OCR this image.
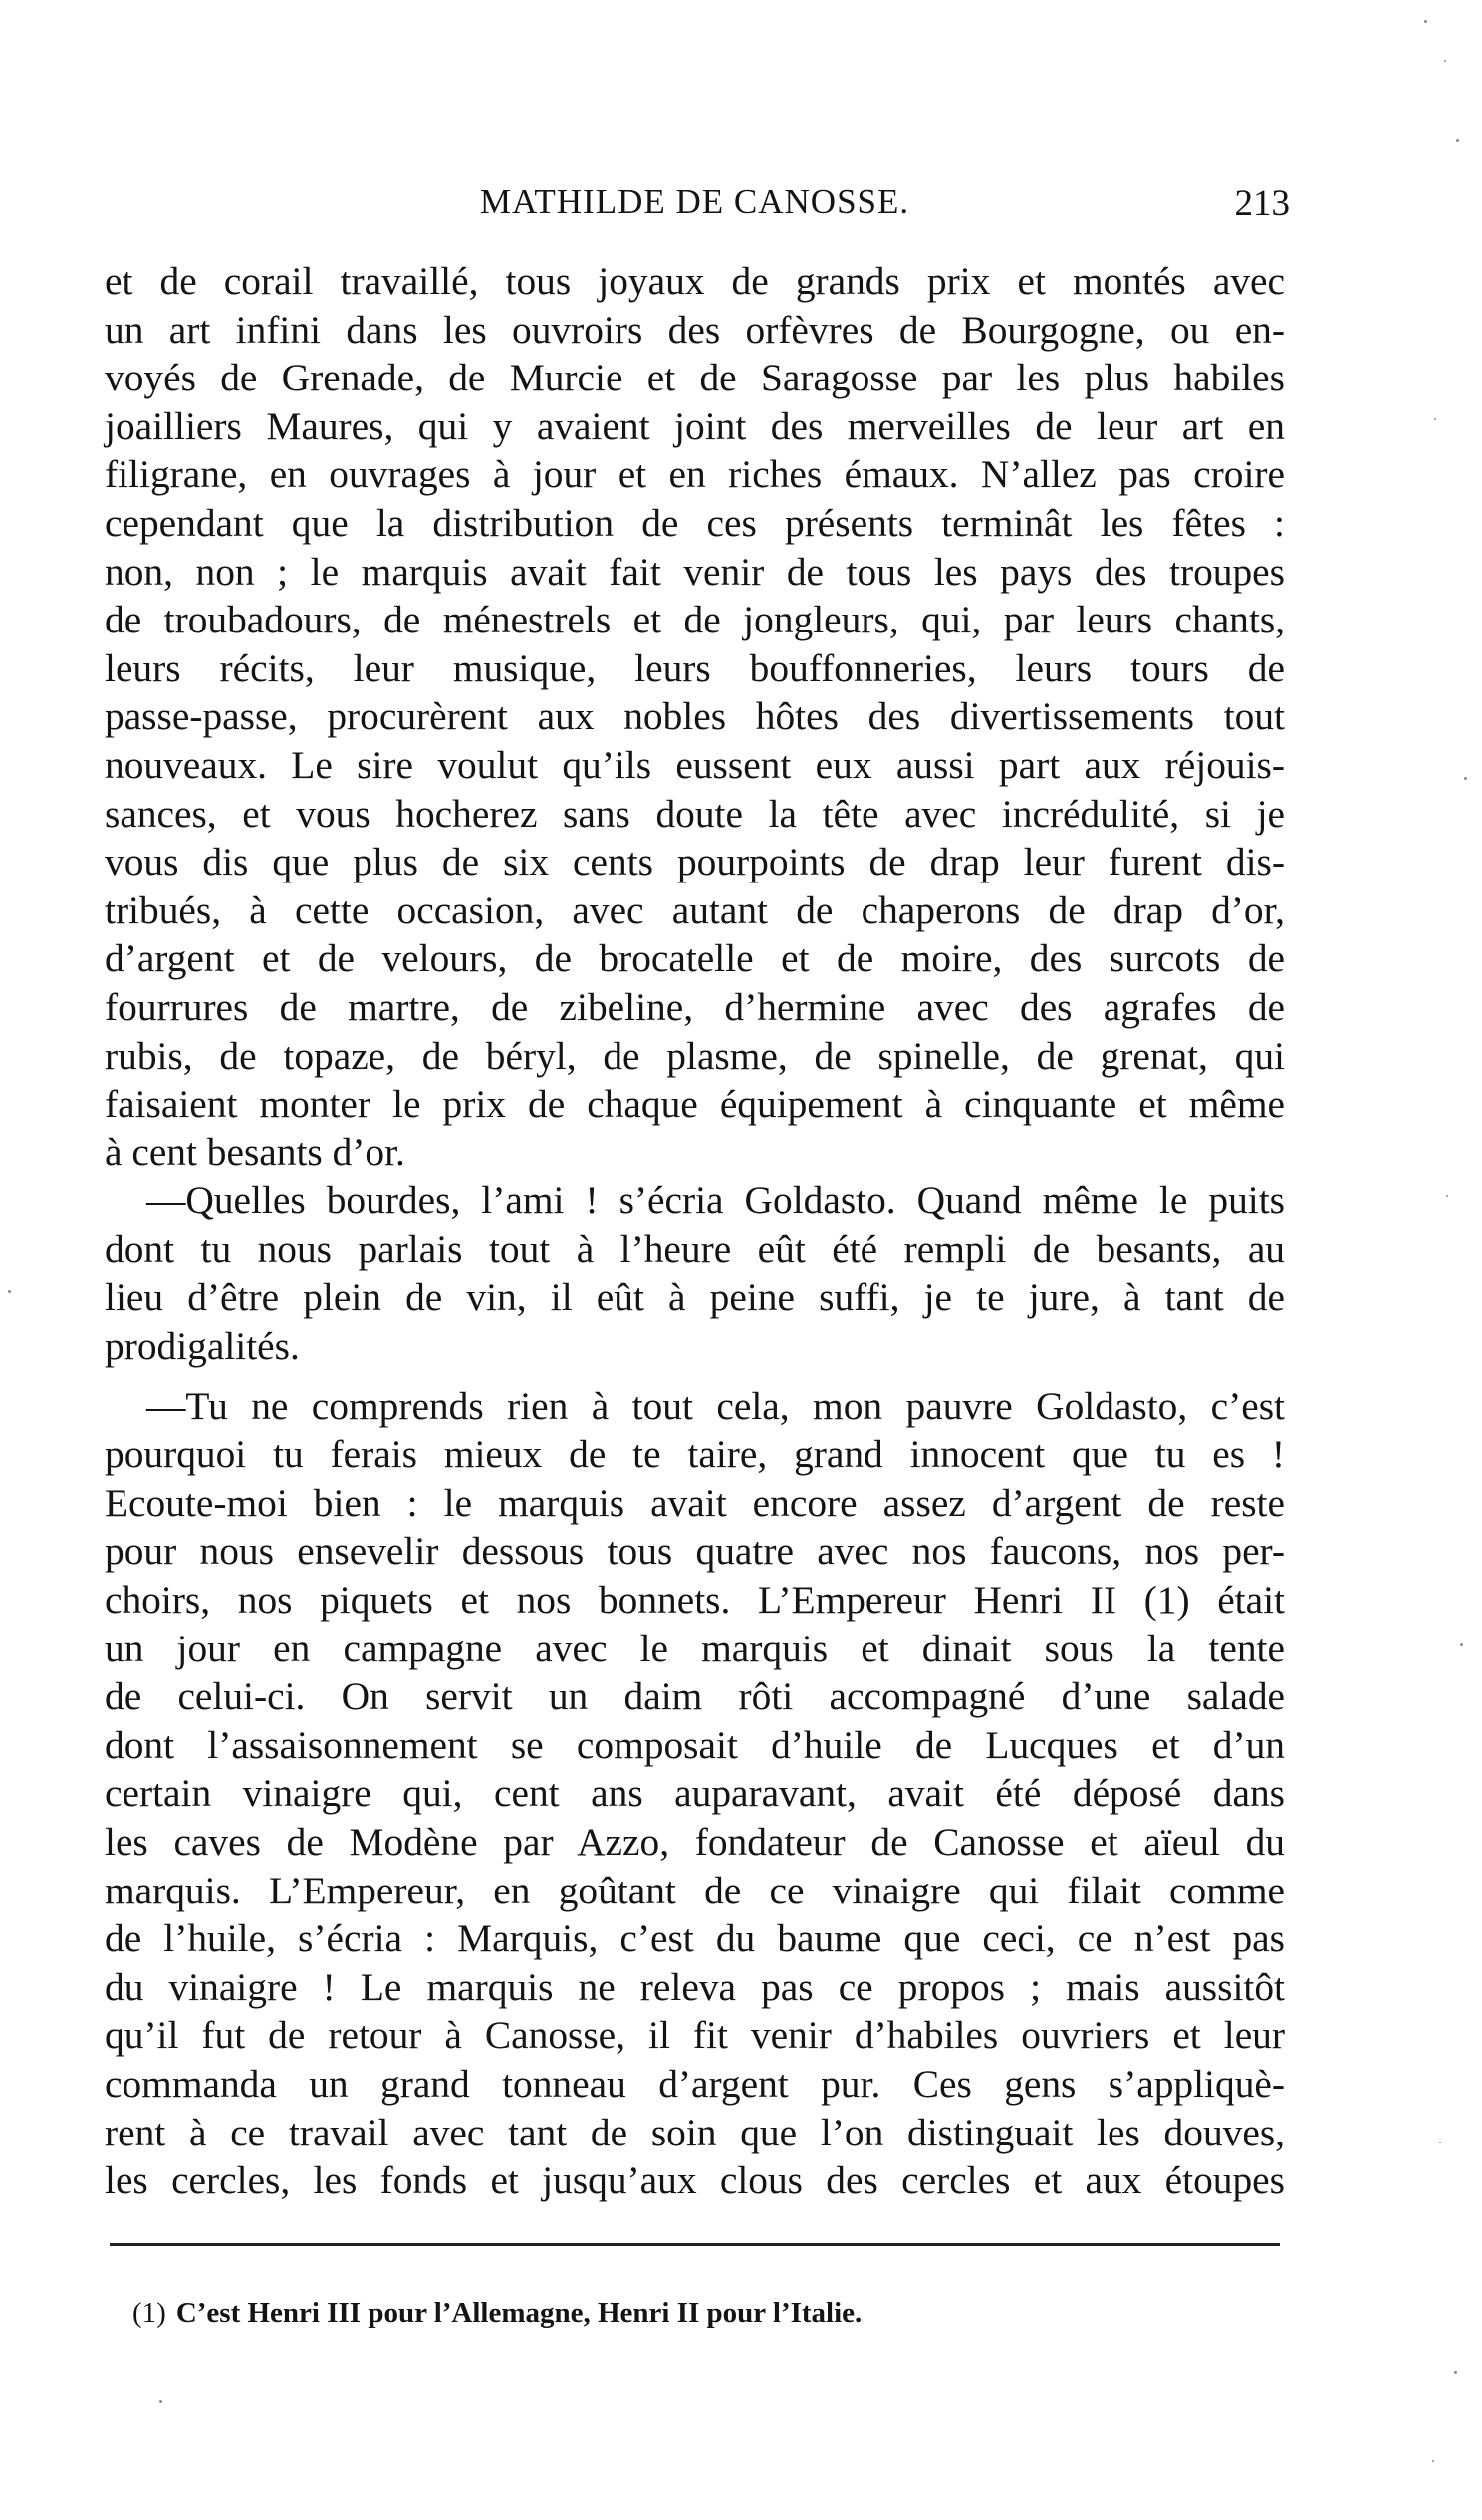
MATHILDE DE CANOSSE.	213
et de corail travaillé, tous joyaux de grands prix et montés avec
un art infini dans les ouvroirs des orfèvres de Bourgogne, ou en-
voyés de Grenade, de Murcie et de Saragosse par les plus habiles
joailliers Maures, qui y avaient joint des merveilles de leur art en
filigrane, en ouvrages à jour et en riches émaux. N’allez pas croire
cependant que la distribution de ces présents terminât les fêtes :
non, non ; le marquis avait fait venir de tous les pays des troupes
de troubadours, de ménestrels et de jongleurs, qui, par leurs chants,
leurs récits, leur musique, leurs bouffonneries, leurs tours de
passe-passe, procurèrent aux nobles hôtes des divertissements tout
nouveaux. Le sire voulut qu’ils eussent eux aussi part aux réjouis-
sances, et vous hocherez sans doute la tête avec incrédulité, si je
vous dis que plus de six cents pourpoints de drap leur furent dis-
tribués, à cette occasion, avec autant de chaperons de drap d’or,
d’argent et de velours, de brocatelle et de moire, des surcots de
fourrures de martre, de zibeline, d’hermine avec des agrafes de
rubis, de topaze, de béryl, de plasme, de spinelle, de grenat, qui
faisaient monter le prix de chaque équipement à cinquante et même
à cent besants d’or.
—Quelles bourdes, l’ami ! s’écria Goldasto. Quand même le puits
dont tu nous parlais tout à l’heure eût été rempli de besants, au
lieu d’être plein de vin, il eût à peine suffi, je te jure, à tant de
prodigalités.
—Tu ne comprends rien à tout cela, mon pauvre Goldasto, c’est
pourquoi tu ferais mieux de te taire, grand innocent que tu es !
Ecoute-moi bien : le marquis avait encore assez d’argent de reste
pour nous ensevelir dessous tous quatre avec nos faucons, nos per-
choirs, nos piquets et nos bonnets. L’Empereur Henri II (1) était
un jour en campagne avec le marquis et dinait sous la tente
de celui-ci. On servit un daim rôti accompagné d’une salade
dont l’assaisonnement se composait d’huile de Lucques et d’un
certain vinaigre qui, cent ans auparavant, avait été déposé dans
les caves de Modène par Azzo, fondateur de Canosse et aïeul du
marquis. L’Empereur, en goûtant de ce vinaigre qui filait comme
de l’huile, s’écria : Marquis, c’est du baume que ceci, ce n’est pas
du vinaigre ! Le marquis ne releva pas ce propos ; mais aussitôt
qu’il fut de retour à Canosse, il fit venir d’habiles ouvriers et leur
commanda un grand tonneau d’argent pur. Ces gens s’appliquè-
rent à ce travail avec tant de soin que l’on distinguait les douves,
les cercles, les fonds et jusqu’aux clous des cercles et aux étoupes
(1) C’est Henri III pour l’Allemagne, Henri II pour l’Italie.
